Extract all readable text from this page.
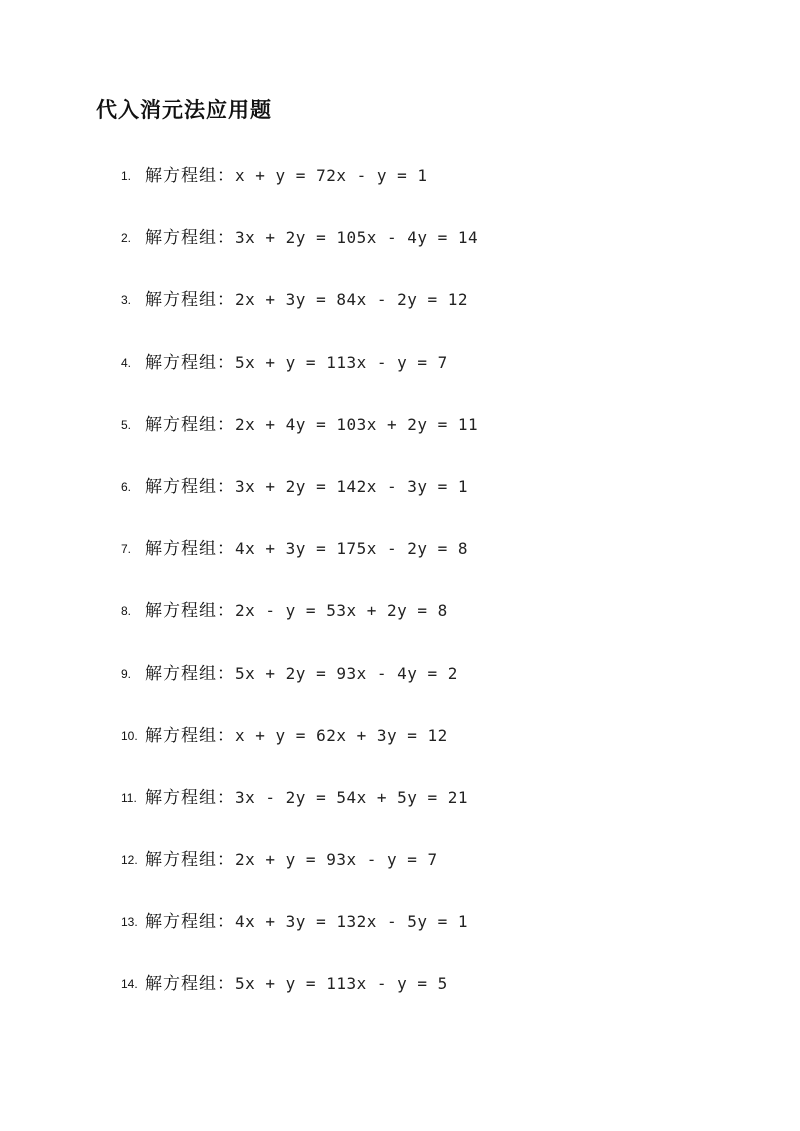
代入消元法应用题
1. 解方程组： x + y = 72x - y = 1
2. 解方程组： 3x + 2y = 105x - 4y = 14
3. 解方程组： 2x + 3y = 84x - 2y = 12
4. 解方程组： 5x + y = 113x - y = 7
5. 解方程组： 2x + 4y = 103x + 2y = 11
6. 解方程组： 3x + 2y = 142x - 3y = 1
7. 解方程组： 4x + 3y = 175x - 2y = 8
8. 解方程组： 2x - y = 53x + 2y = 8
9. 解方程组： 5x + 2y = 93x - 4y = 2
10. 解方程组： x + y = 62x + 3y = 12
11. 解方程组： 3x - 2y = 54x + 5y = 21
12. 解方程组： 2x + y = 93x - y = 7
13. 解方程组： 4x + 3y = 132x - 5y = 1
14. 解方程组： 5x + y = 113x - y = 5
